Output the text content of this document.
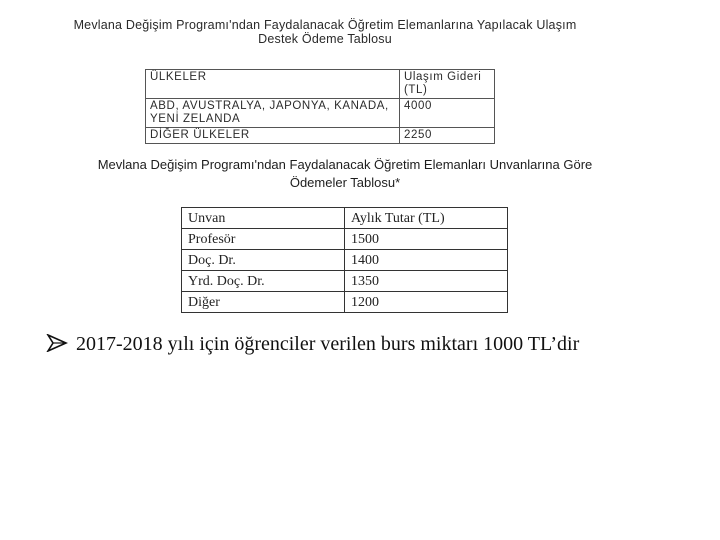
Mevlana Değişim Programı'ndan Faydalanacak Öğretim Elemanlarına Yapılacak Ulaşım
Destek Ödeme Tablosu
ÜLKELER	Ulaşım Gideri (TL)
ABD, AVUSTRALYA, JAPONYA, KANADA, YENİ ZELANDA	4000
DİĞER ÜLKELER	2250
Mevlana Değişim Programı'ndan Faydalanacak Öğretim Elemanları Unvanlarına Göre
Ödemeler Tablosu*
Unvan	Aylık Tutar (TL)
Profesör	1500
Doç. Dr.	1400
Yrd. Doç. Dr.	1350
Diğer	1200
2017-2018 yılı için öğrenciler verilen burs miktarı 1000 TL’dir
